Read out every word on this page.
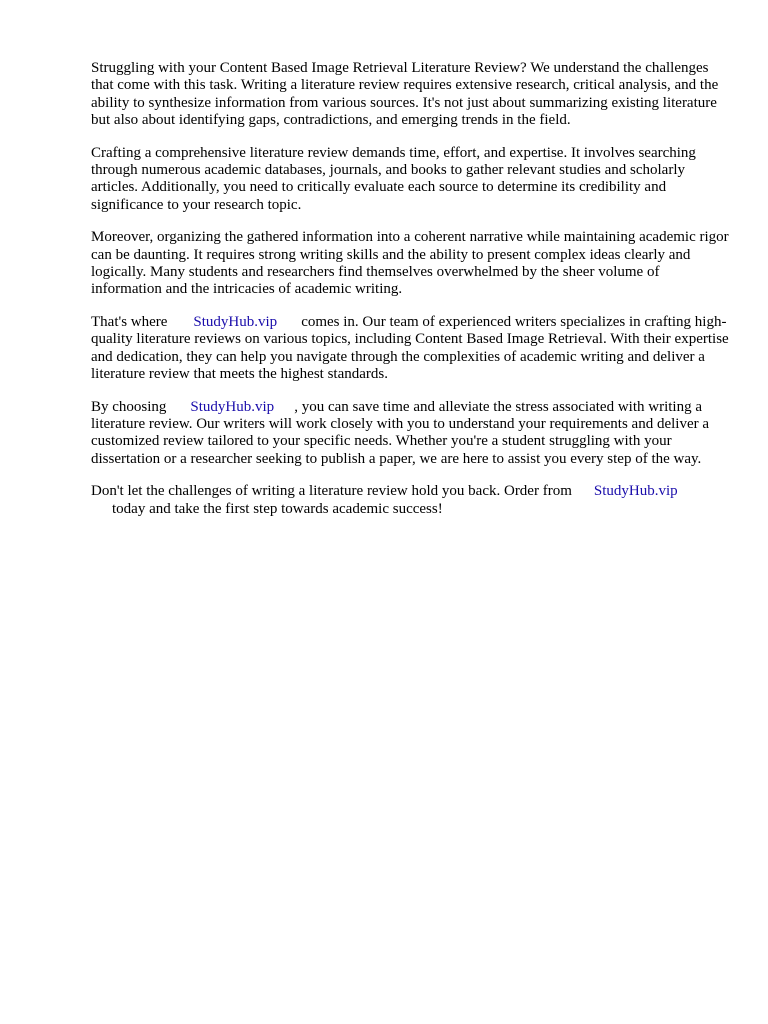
Struggling with your Content Based Image Retrieval Literature Review? We understand the challenges that come with this task. Writing a literature review requires extensive research, critical analysis, and the ability to synthesize information from various sources. It's not just about summarizing existing literature but also about identifying gaps, contradictions, and emerging trends in the field.

Crafting a comprehensive literature review demands time, effort, and expertise. It involves searching through numerous academic databases, journals, and books to gather relevant studies and scholarly articles. Additionally, you need to critically evaluate each source to determine its credibility and significance to your research topic.

Moreover, organizing the gathered information into a coherent narrative while maintaining academic rigor can be daunting. It requires strong writing skills and the ability to present complex ideas clearly and logically. Many students and researchers find themselves overwhelmed by the sheer volume of information and the intricacies of academic writing.

That's where StudyHub.vip comes in. Our team of experienced writers specializes in crafting high-quality literature reviews on various topics, including Content Based Image Retrieval. With their expertise and dedication, they can help you navigate through the complexities of academic writing and deliver a literature review that meets the highest standards.

By choosing StudyHub.vip , you can save time and alleviate the stress associated with writing a literature review. Our writers will work closely with you to understand your requirements and deliver a customized review tailored to your specific needs. Whether you're a student struggling with your dissertation or a researcher seeking to publish a paper, we are here to assist you every step of the way.

Don't let the challenges of writing a literature review hold you back. Order from StudyHub.vip
today and take the first step towards academic success!
